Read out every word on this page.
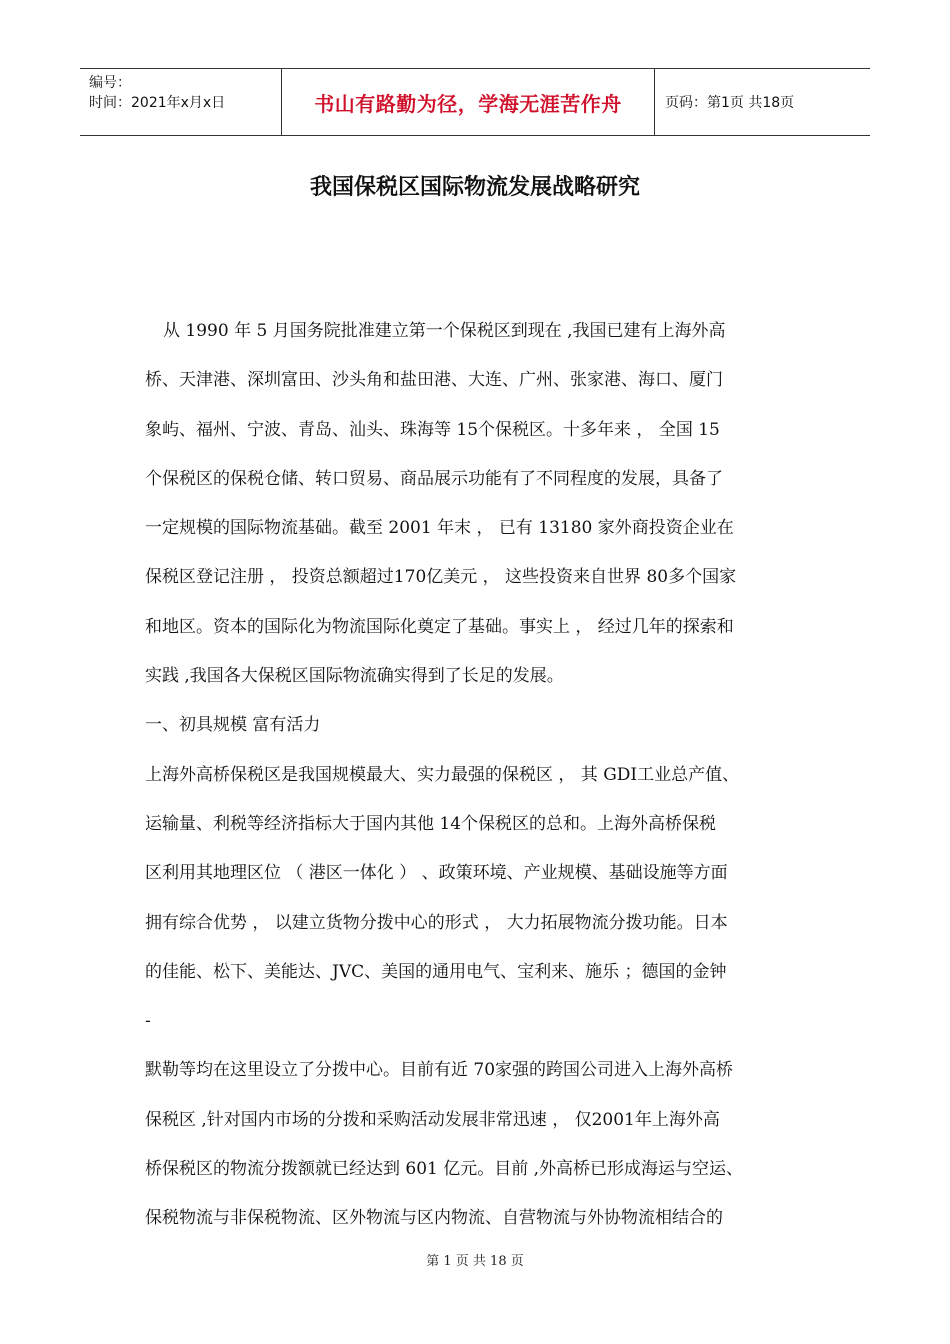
编号：
时间：2021年x月x日	书山有路勤为径，学海无涯苦作舟	页码：第1页 共18页
我国保税区国际物流发展战略研究
从 1990 年 5 月国务院批准建立第一个保税区到现在 ,我国已建有上海外高
桥、天津港、深圳富田、沙头角和盐田港、大连、广州、张家港、海口、厦门
象屿、福州、宁波、青岛、汕头、珠海等 15个保税区。十多年来 ， 全国 15
个保税区的保税仓储、转口贸易、商品展示功能有了不同程度的发展，具备了
一定规模的国际物流基础。截至 2001 年末 ， 已有 13180 家外商投资企业在
保税区登记注册 ， 投资总额超过170亿美元 ， 这些投资来自世界 80多个国家
和地区。资本的国际化为物流国际化奠定了基础。事实上 ， 经过几年的探索和
实践 ,我国各大保税区国际物流确实得到了长足的发展。
一、初具规模 富有活力
上海外高桥保税区是我国规模最大、实力最强的保税区 ， 其 GDI工业总产值、
运输量、利税等经济指标大于国内其他 14个保税区的总和。上海外高桥保税
区利用其地理区位 （ 港区一体化 ） 、政策环境、产业规模、基础设施等方面
拥有综合优势 ， 以建立货物分拨中心的形式 ， 大力拓展物流分拨功能。日本
的佳能、松下、美能达、JVC、美国的通用电气、宝利来、施乐 ；德国的金钟
-
默勒等均在这里设立了分拨中心。目前有近 70家强的跨国公司进入上海外高桥
保税区 ,针对国内市场的分拨和采购活动发展非常迅速 ， 仅2001年上海外高
桥保税区的物流分拨额就已经达到 601 亿元。目前 ,外高桥已形成海运与空运、
保税物流与非保税物流、区外物流与区内物流、自营物流与外协物流相结合的
第 1 页 共 18 页
